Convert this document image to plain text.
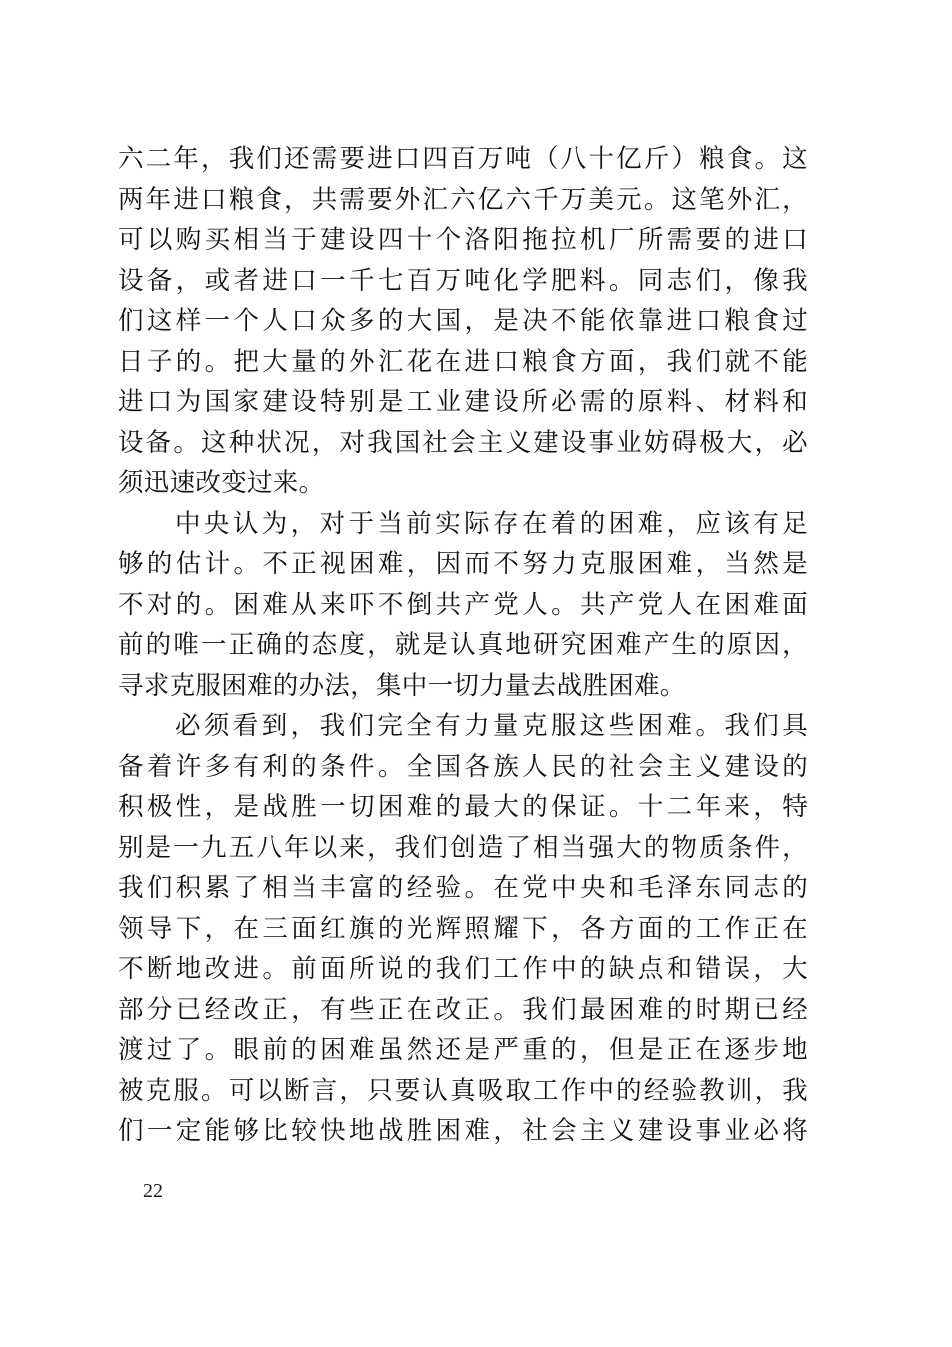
六二年，我们还需要进口四百万吨（八十亿斤）粮食。这
两年进口粮食，共需要外汇六亿六千万美元。这笔外汇，
可以购买相当于建设四十个洛阳拖拉机厂所需要的进口
设备，或者进口一千七百万吨化学肥料。同志们，像我
们这样一个人口众多的大国，是决不能依靠进口粮食过
日子的。把大量的外汇花在进口粮食方面，我们就不能
进口为国家建设特别是工业建设所必需的原料、材料和
设备。这种状况，对我国社会主义建设事业妨碍极大，必
须迅速改变过来。
中央认为，对于当前实际存在着的困难，应该有足
够的估计。不正视困难，因而不努力克服困难，当然是
不对的。困难从来吓不倒共产党人。共产党人在困难面
前的唯一正确的态度，就是认真地研究困难产生的原因，
寻求克服困难的办法，集中一切力量去战胜困难。
必须看到，我们完全有力量克服这些困难。我们具
备着许多有利的条件。全国各族人民的社会主义建设的
积极性，是战胜一切困难的最大的保证。十二年来，特
别是一九五八年以来，我们创造了相当强大的物质条件，
我们积累了相当丰富的经验。在党中央和毛泽东同志的
领导下，在三面红旗的光辉照耀下，各方面的工作正在
不断地改进。前面所说的我们工作中的缺点和错误，大
部分已经改正，有些正在改正。我们最困难的时期已经
渡过了。眼前的困难虽然还是严重的，但是正在逐步地
被克服。可以断言，只要认真吸取工作中的经验教训，我
们一定能够比较快地战胜困难，社会主义建设事业必将
22
